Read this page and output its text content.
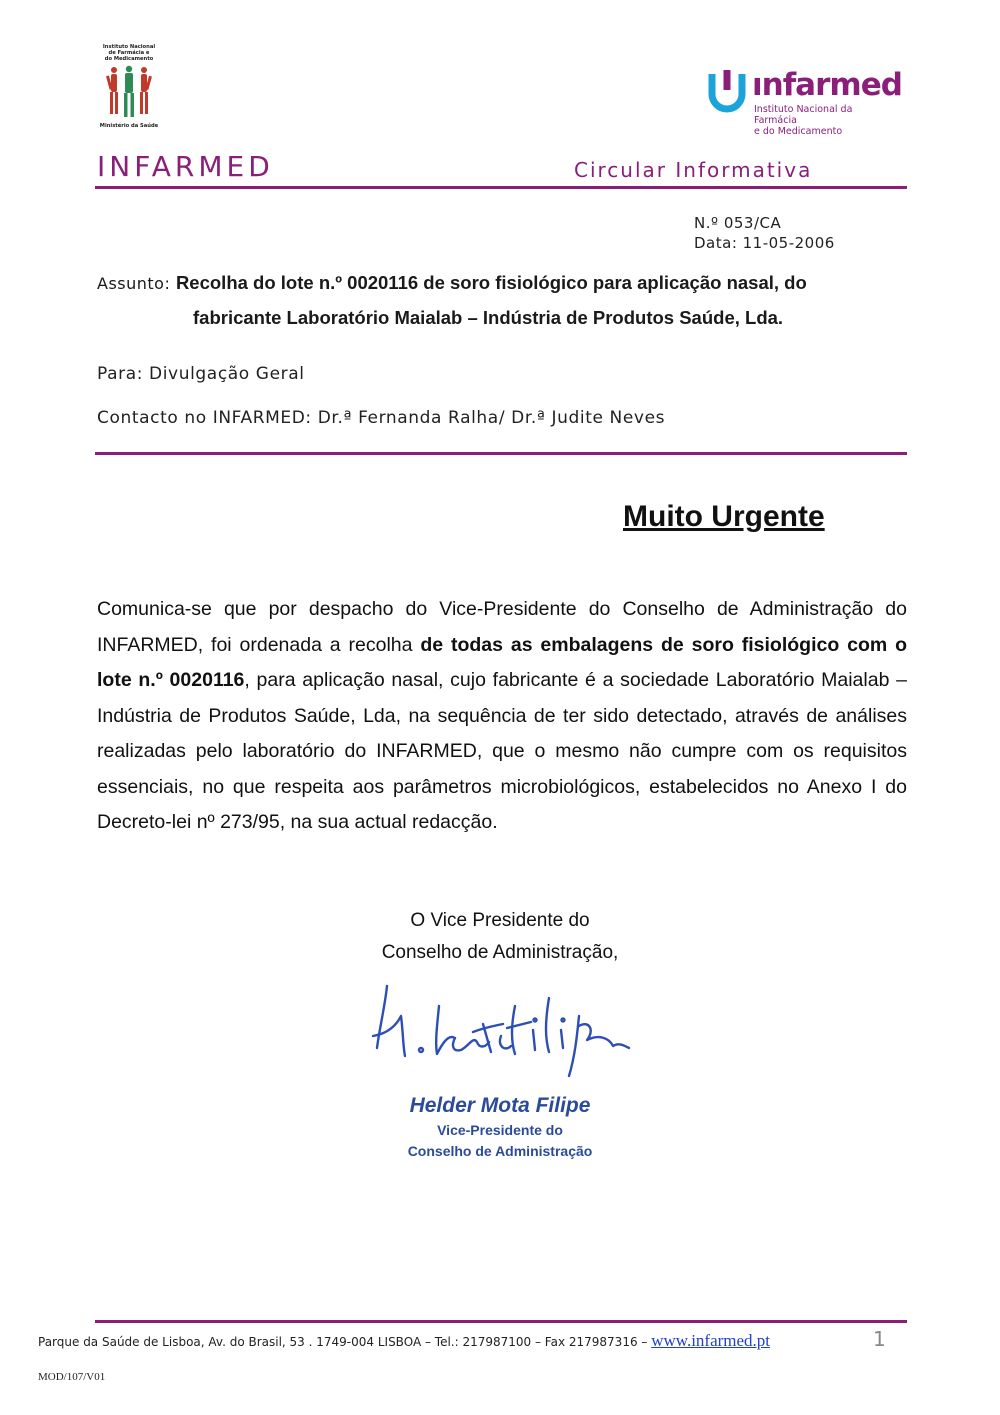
Instituto Nacional
de Farmácia e
do Medicamento
Ministério da Saúde
ınfarmed
Instituto Nacional da Farmácia
e do Medicamento
INFARMED	Circular Informativa
N.º 053/CA
Data: 11-05-2006
Assunto: Recolha do lote n.º 0020116 de soro fisiológico para aplicação nasal, do
fabricante Laboratório Maialab – Indústria de Produtos Saúde, Lda.
Para: Divulgação Geral
Contacto no INFARMED: Dr.ª Fernanda Ralha/ Dr.ª Judite Neves
Muito Urgente
Comunica-se que por despacho do Vice-Presidente do Conselho de Administração do INFARMED, foi ordenada a recolha de todas as embalagens de soro fisiológico com o lote n.º 0020116, para aplicação nasal, cujo fabricante é a sociedade Laboratório Maialab – Indústria de Produtos Saúde, Lda, na sequência de ter sido detectado, através de análises realizadas pelo laboratório do INFARMED, que o mesmo não cumpre com os requisitos essenciais, no que respeita aos parâmetros microbiológicos, estabelecidos no Anexo I do Decreto-lei nº 273/95, na sua actual redacção.
O Vice Presidente do
Conselho de Administração,
Helder Mota Filipe
Vice-Presidente do
Conselho de Administração
Parque da Saúde de Lisboa, Av. do Brasil, 53 . 1749-004 LISBOA – Tel.: 217987100 – Fax 217987316 – www.infarmed.pt	1
MOD/107/V01
